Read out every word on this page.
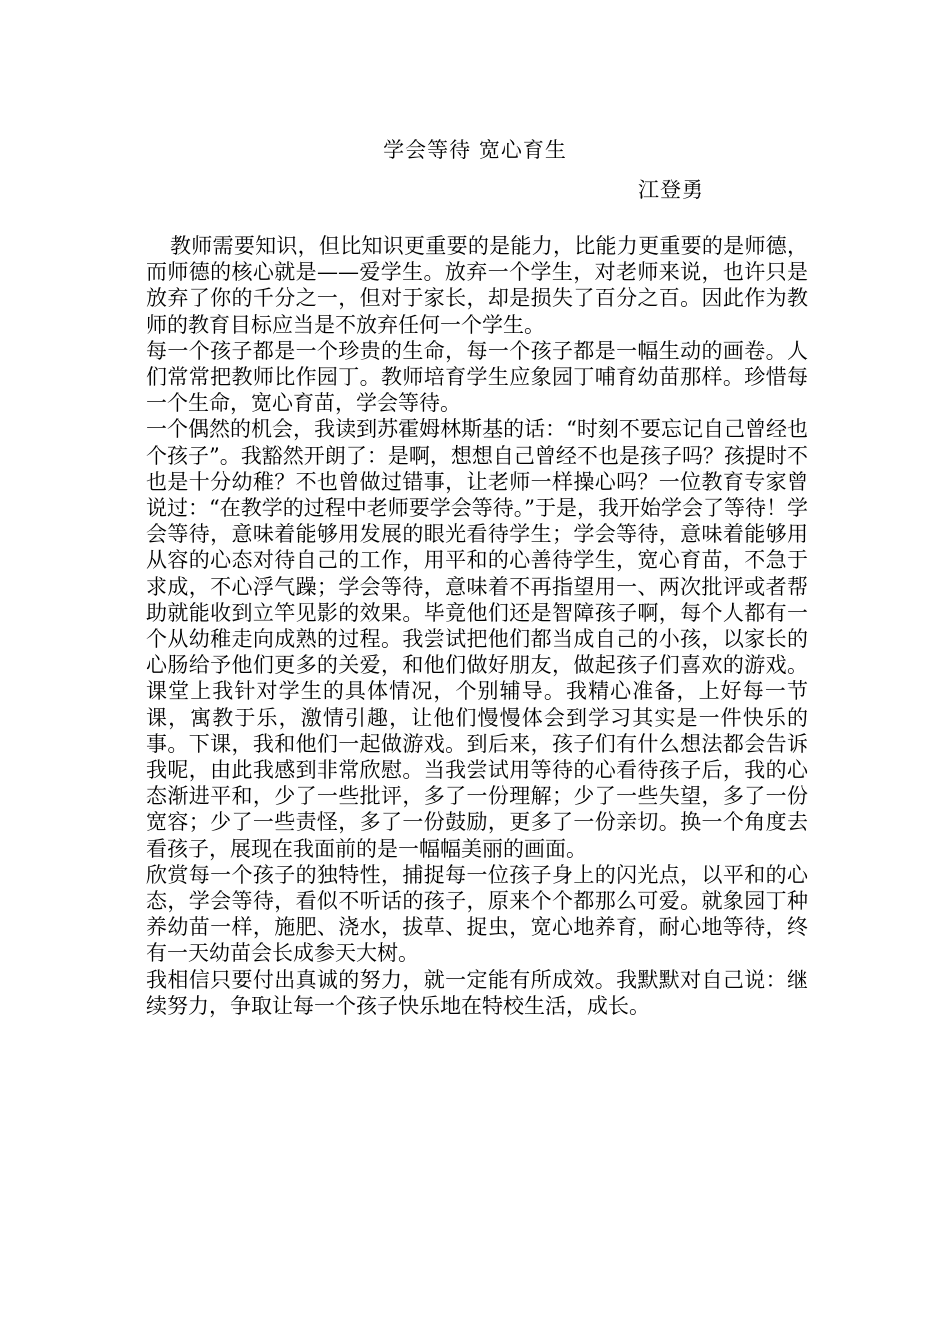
学会等待 宽心育生
江登勇

教师需要知识，但比知识更重要的是能力，比能力更重要的是师德，而师德的核心就是——爱学生。放弃一个学生，对老师来说，也许只是放弃了你的千分之一，但对于家长，却是损失了百分之百。因此作为教师的教育目标应当是不放弃任何一个学生。

每一个孩子都是一个珍贵的生命，每一个孩子都是一幅生动的画卷。人们常常把教师比作园丁。教师培育学生应象园丁哺育幼苗那样。珍惜每一个生命，宽心育苗，学会等待。

一个偶然的机会，我读到苏霍姆林斯基的话：“时刻不要忘记自己曾经也个孩子”。我豁然开朗了：是啊，想想自己曾经不也是孩子吗？孩提时不也是十分幼稚？不也曾做过错事，让老师一样操心吗？一位教育专家曾说过：“在教学的过程中老师要学会等待。”于是，我开始学会了等待！学会等待，意味着能够用发展的眼光看待学生；学会等待，意味着能够用从容的心态对待自己的工作，用平和的心善待学生，宽心育苗，不急于求成，不心浮气躁；学会等待，意味着不再指望用一、两次批评或者帮助就能收到立竿见影的效果。毕竟他们还是智障孩子啊，每个人都有一个从幼稚走向成熟的过程。我尝试把他们都当成自己的小孩，以家长的心肠给予他们更多的关爱，和他们做好朋友，做起孩子们喜欢的游戏。课堂上我针对学生的具体情况，个别辅导。我精心准备，上好每一节课，寓教于乐，激情引趣，让他们慢慢体会到学习其实是一件快乐的事。下课，我和他们一起做游戏。到后来，孩子们有什么想法都会告诉我呢，由此我感到非常欣慰。当我尝试用等待的心看待孩子后，我的心态渐进平和，少了一些批评，多了一份理解；少了一些失望，多了一份宽容；少了一些责怪，多了一份鼓励，更多了一份亲切。换一个角度去看孩子，展现在我面前的是一幅幅美丽的画面。

欣赏每一个孩子的独特性，捕捉每一位孩子身上的闪光点，以平和的心态，学会等待，看似不听话的孩子，原来个个都那么可爱。就象园丁种养幼苗一样，施肥、浇水，拔草、捉虫，宽心地养育，耐心地等待，终有一天幼苗会长成参天大树。

我相信只要付出真诚的努力，就一定能有所成效。我默默对自己说：继续努力，争取让每一个孩子快乐地在特校生活，成长。
